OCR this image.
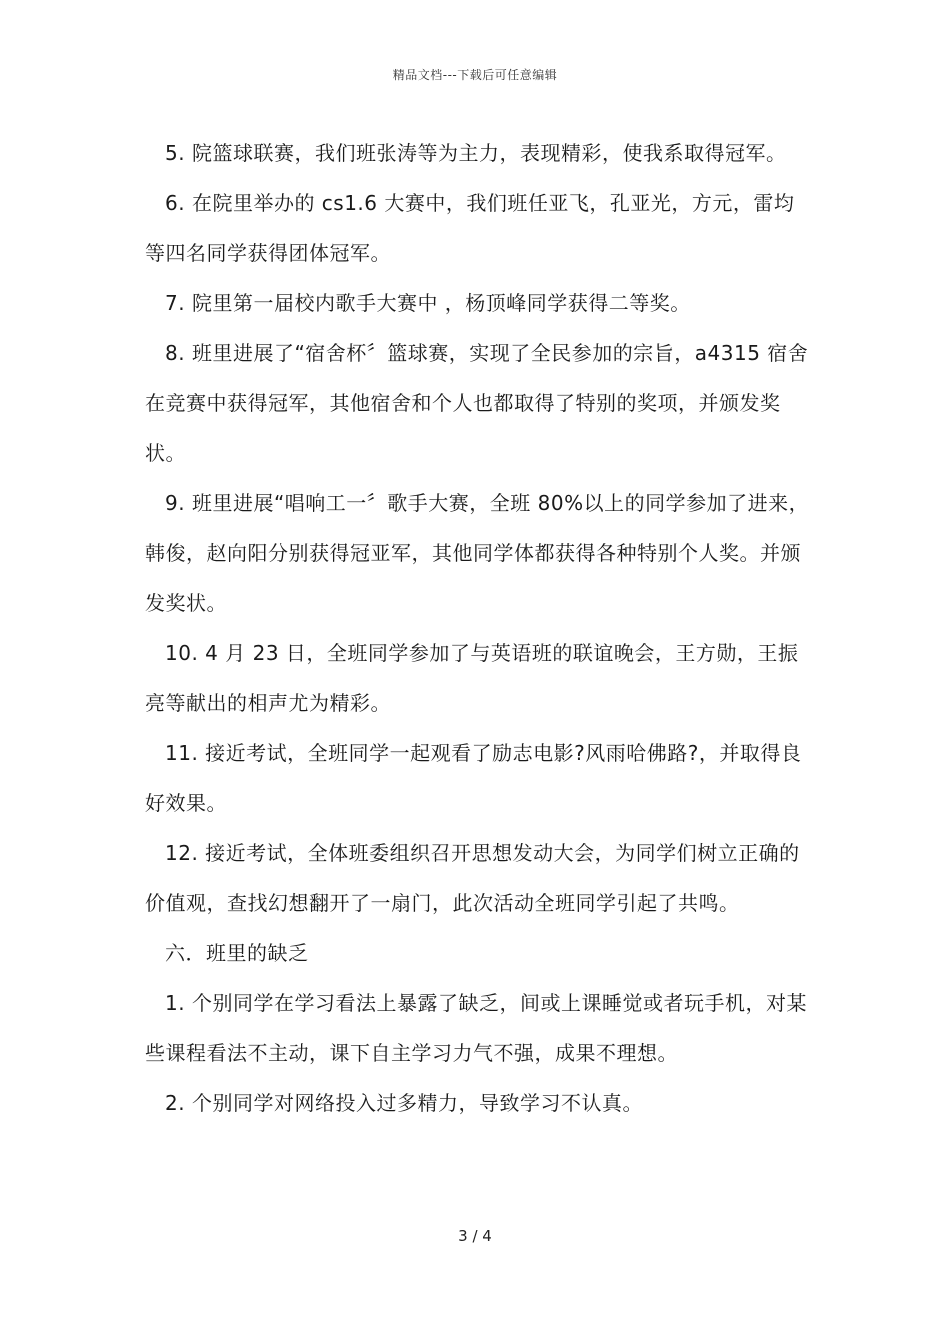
精品文档---下载后可任意编辑

5. 院篮球联赛，我们班张涛等为主力，表现精彩，使我系取得冠军。

6. 在院里举办的 cs1.6 大赛中，我们班任亚飞，孔亚光，方元，雷均等四名同学获得团体冠军。

7. 院里第一届校内歌手大赛中 ，杨顶峰同学获得二等奖。

8. 班里进展了“宿舍杯〞篮球赛，实现了全民参加的宗旨，a4315 宿舍在竞赛中获得冠军，其他宿舍和个人也都取得了特别的奖项，并颁发奖状。

9. 班里进展“唱响工一〞歌手大赛，全班 80%以上的同学参加了进来，韩俊，赵向阳分别获得冠亚军，其他同学体都获得各种特别个人奖。并颁发奖状。

10. 4 月 23 日，全班同学参加了与英语班的联谊晚会，王方勋，王振亮等献出的相声尤为精彩。

11. 接近考试，全班同学一起观看了励志电影?风雨哈佛路?，并取得良好效果。

12. 接近考试，全体班委组织召开思想发动大会，为同学们树立正确的价值观，查找幻想翻开了一扇门，此次活动全班同学引起了共鸣。

六．班里的缺乏

1. 个别同学在学习看法上暴露了缺乏，间或上课睡觉或者玩手机，对某些课程看法不主动，课下自主学习力气不强，成果不理想。

2. 个别同学对网络投入过多精力，导致学习不认真。

3 / 4
